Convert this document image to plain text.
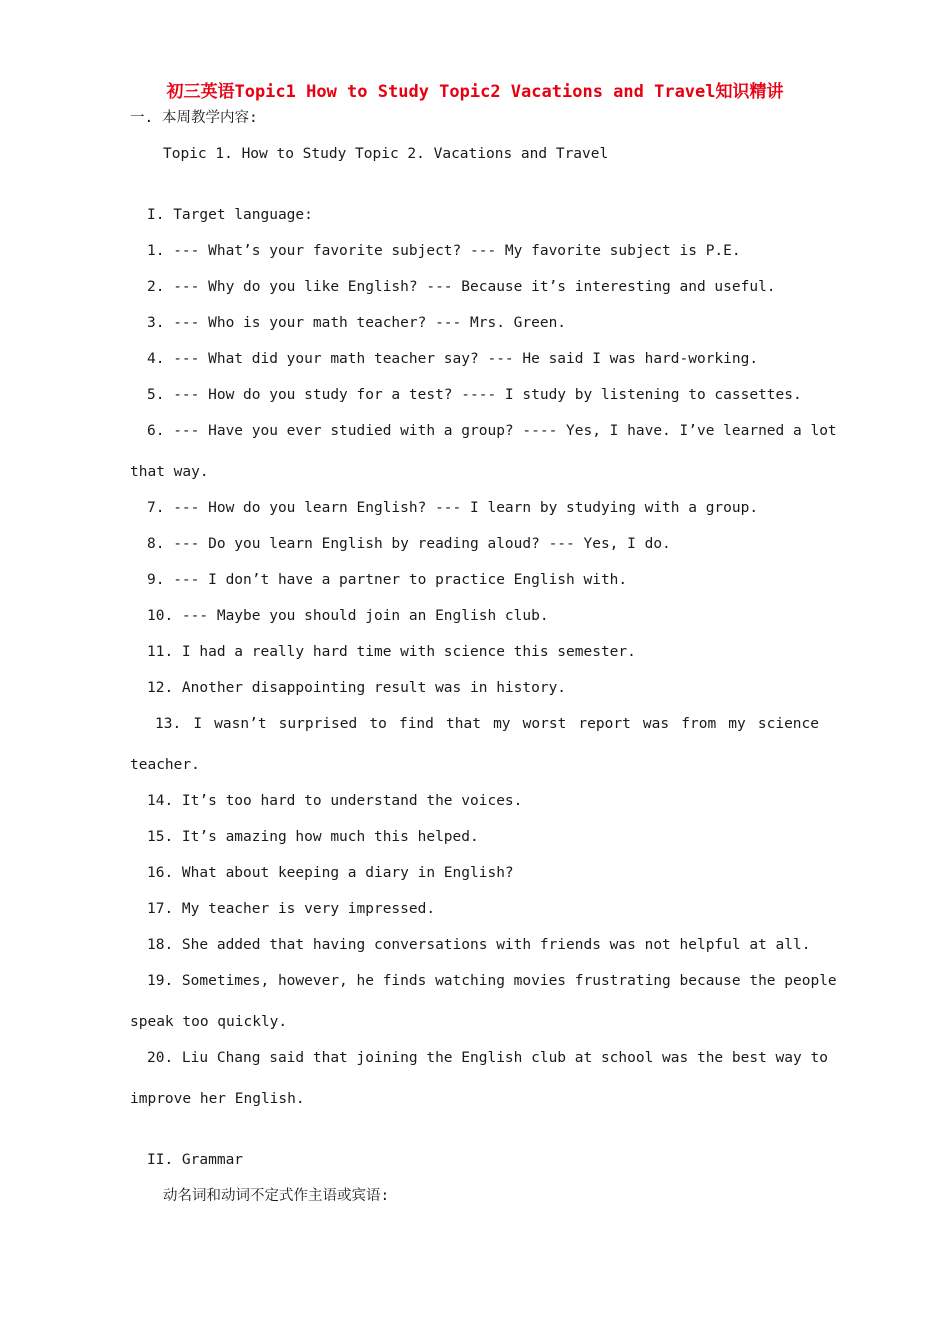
初三英语Topic1 How to Study Topic2 Vacations and Travel知识精讲
一. 本周教学内容:
Topic 1. How to Study Topic 2. Vacations and Travel
I. Target language:
1. --- What’s your favorite subject? --- My favorite subject is P.E.
2. --- Why do you like English? --- Because it’s interesting and useful.
3. --- Who is your math teacher? --- Mrs. Green.
4. --- What did your math teacher say? --- He said I was hard-working.
5. --- How do you study for a test? ---- I study by listening to cassettes.
6. --- Have you ever studied with a group? ---- Yes, I have. I’ve learned a lot
that way.
7. --- How do you learn English? --- I learn by studying with a group.
8. --- Do you learn English by reading aloud? --- Yes, I do.
9. --- I don’t have a partner to practice English with.
10. --- Maybe you should join an English club.
11. I had a really hard time with science this semester.
12. Another disappointing result was in history.
13. I wasn’t surprised to find that my worst report was from my science
teacher.
14. It’s too hard to understand the voices.
15. It’s amazing how much this helped.
16. What about keeping a diary in English?
17. My teacher is very impressed.
18. She added that having conversations with friends was not helpful at all.
19. Sometimes, however, he finds watching movies frustrating because the people
speak too quickly.
20. Liu Chang said that joining the English club at school was the best way to
improve her English.
II. Grammar
动名词和动词不定式作主语或宾语:
